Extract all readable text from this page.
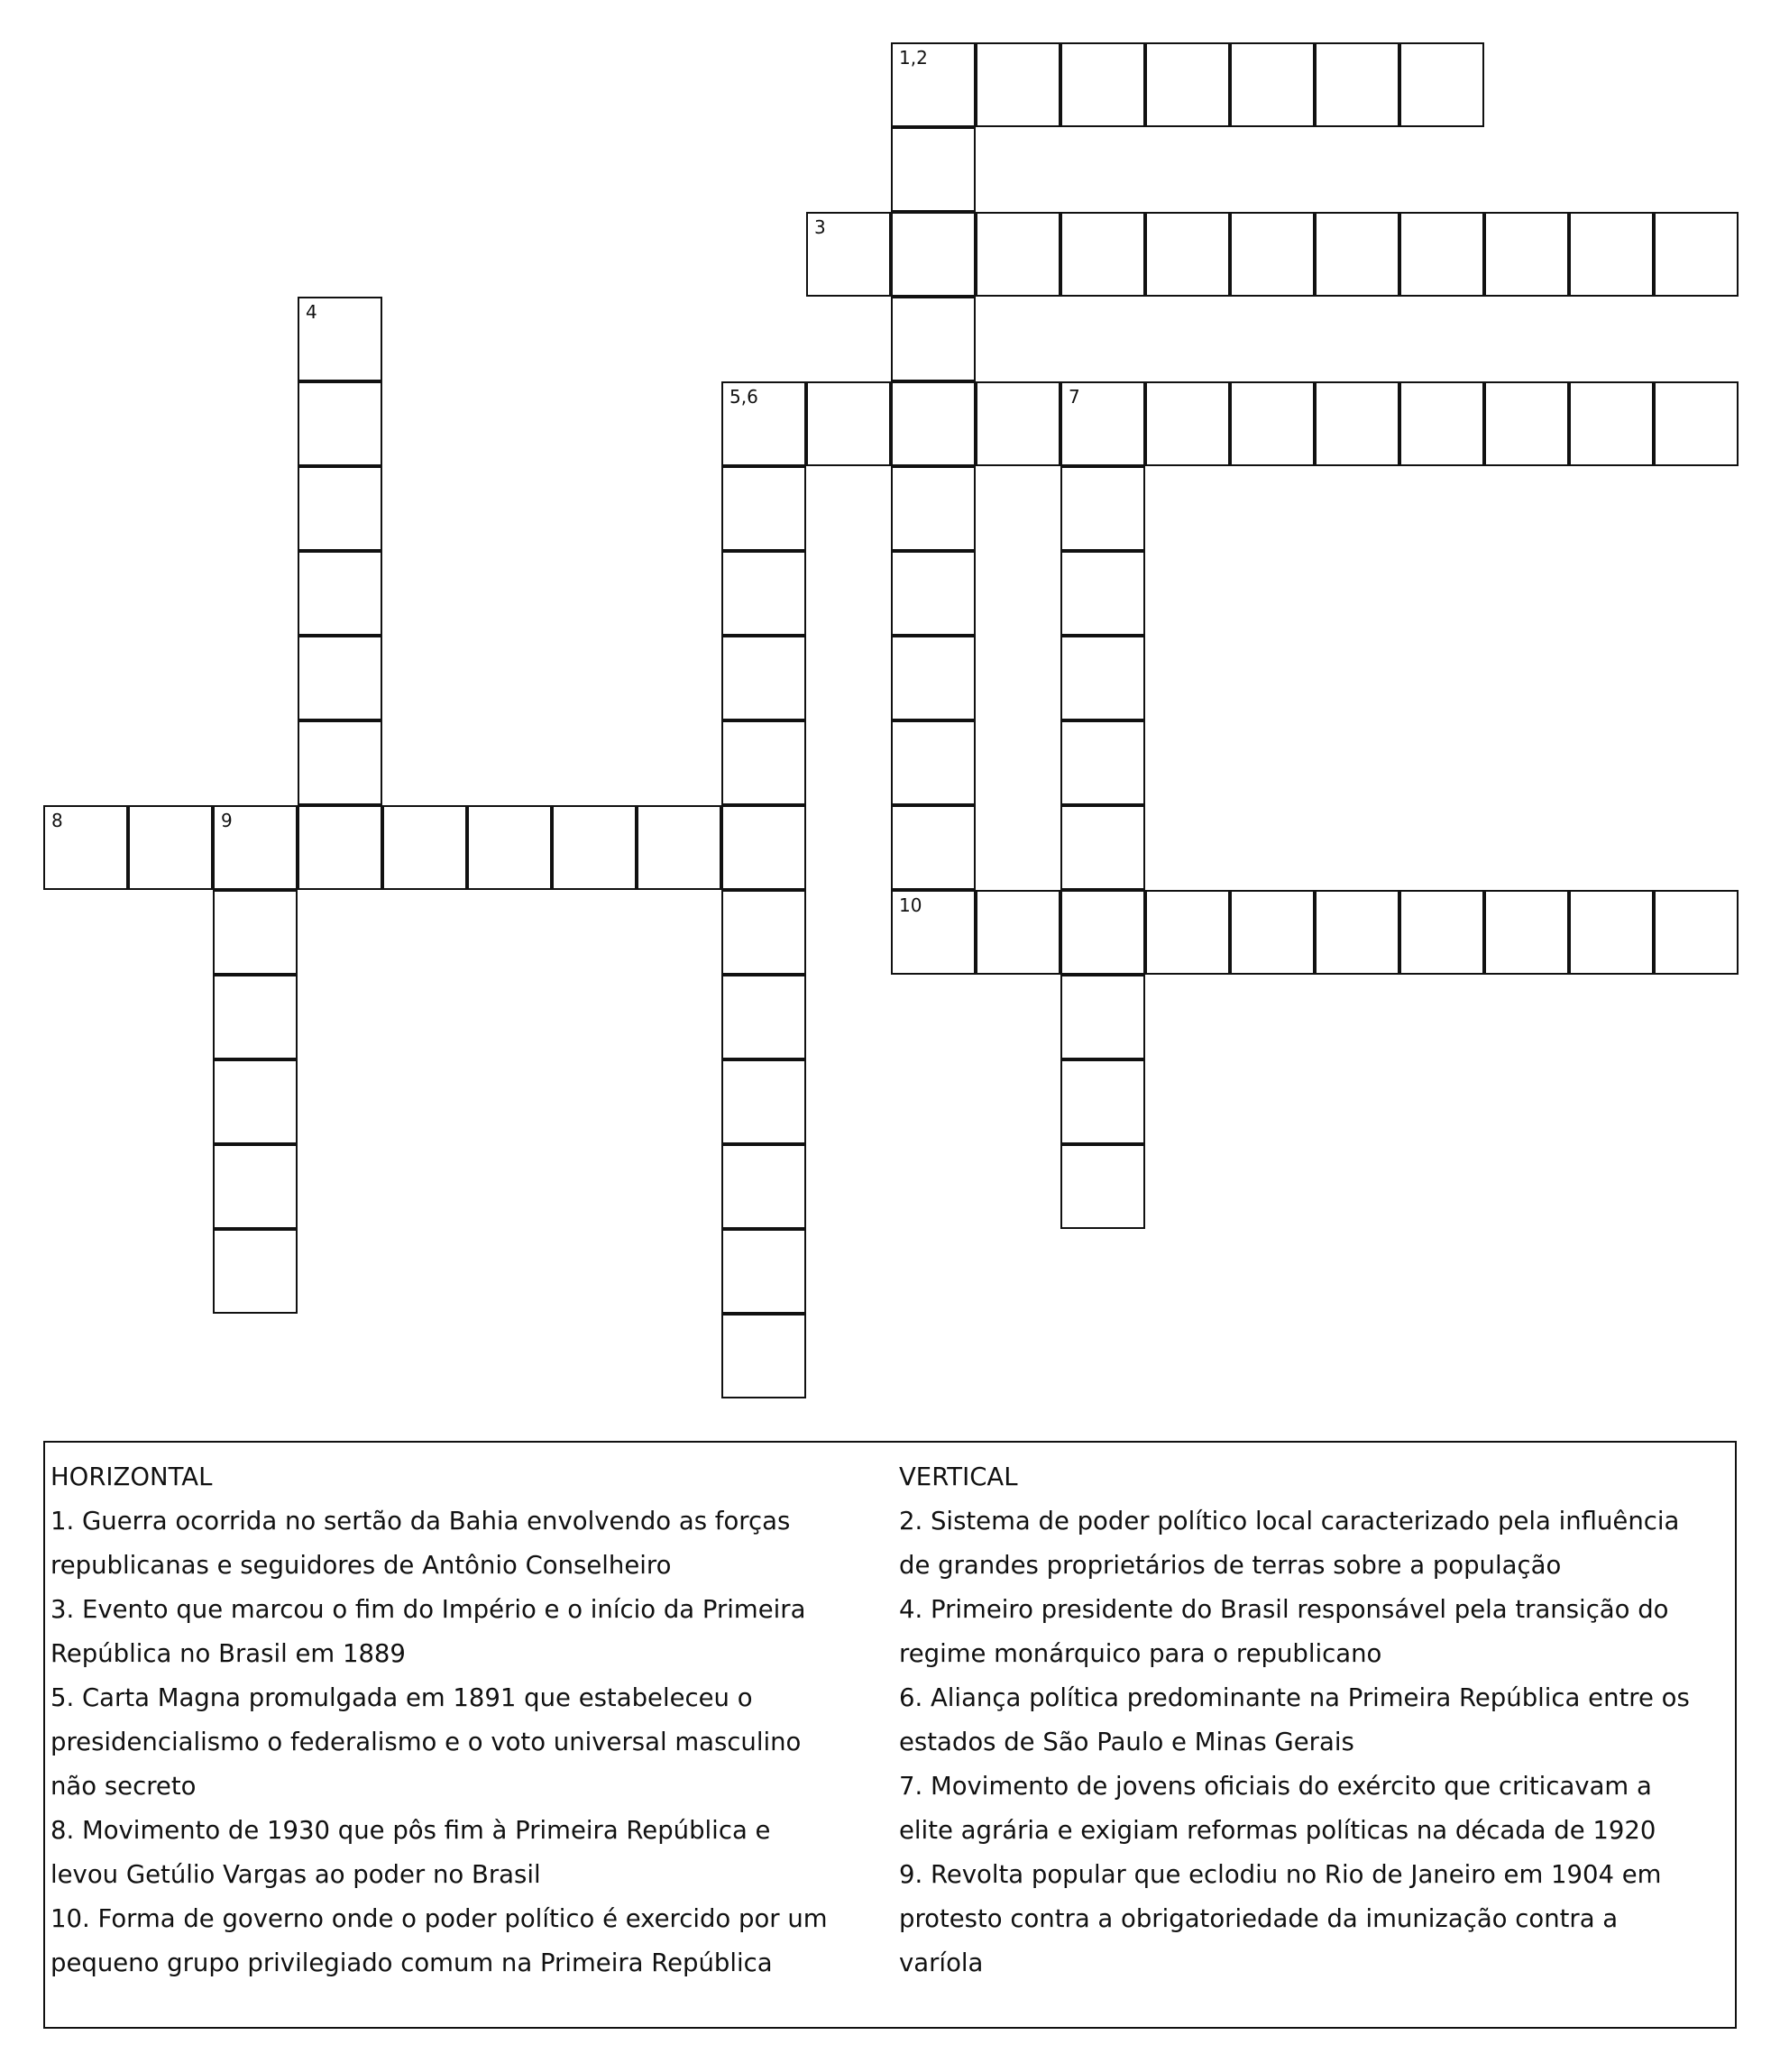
1,2
3
4
5,6	7
8	9
10

HORIZONTAL

1. Guerra ocorrida no sertão da Bahia envolvendo as forças republicanas e seguidores de Antônio Conselheiro

3. Evento que marcou o fim do Império e o início da Primeira República no Brasil em 1889

5. Carta Magna promulgada em 1891 que estabeleceu o presidencialismo o federalismo e o voto universal masculino não secreto

8. Movimento de 1930 que pôs fim à Primeira República e levou Getúlio Vargas ao poder no Brasil

10. Forma de governo onde o poder político é exercido por um pequeno grupo privilegiado comum na Primeira República

VERTICAL

2. Sistema de poder político local caracterizado pela influência de grandes proprietários de terras sobre a população

4. Primeiro presidente do Brasil responsável pela transição do regime monárquico para o republicano

6. Aliança política predominante na Primeira República entre os estados de São Paulo e Minas Gerais

7. Movimento de jovens oficiais do exército que criticavam a elite agrária e exigiam reformas políticas na década de 1920

9. Revolta popular que eclodiu no Rio de Janeiro em 1904 em protesto contra a obrigatoriedade da imunização contra a varíola
